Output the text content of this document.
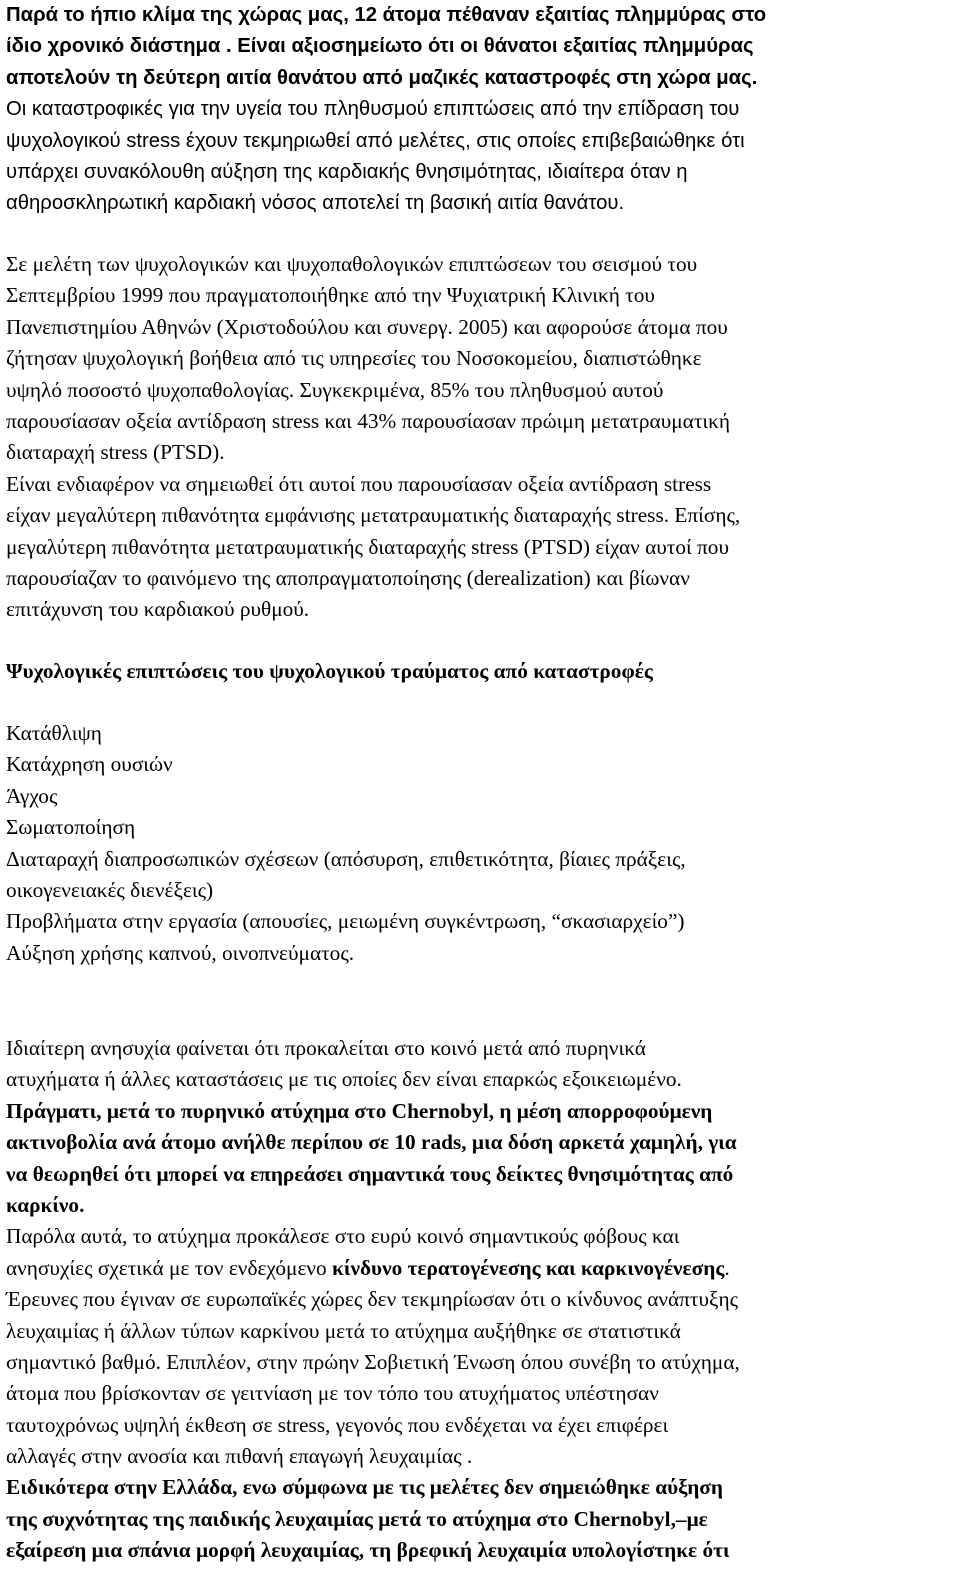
Παρά το ήπιο κλίμα της χώρας μας, 12 άτομα πέθαναν εξαιτίας πλημμύρας στο
ίδιο χρονικό διάστημα . Είναι αξιοσημείωτο ότι οι θάνατοι εξαιτίας πλημμύρας
αποτελούν τη δεύτερη αιτία θανάτου από μαζικές καταστροφές στη χώρα μας.
Οι καταστροφικές για την υγεία του πληθυσμού επιπτώσεις από την επίδραση του
ψυχολογικού stress έχουν τεκμηριωθεί από μελέτες, στις οποίες επιβεβαιώθηκε ότι
υπάρχει συνακόλουθη αύξηση της καρδιακής θνησιμότητας, ιδιαίτερα όταν η
αθηροσκληρωτική καρδιακή νόσος αποτελεί τη βασική αιτία θανάτου.
Σε μελέτη των ψυχολογικών και ψυχοπαθολογικών επιπτώσεων του σεισμού του
Σεπτεμβρίου 1999 που πραγματοποιήθηκε από την Ψυχιατρική Κλινική του
Πανεπιστημίου Αθηνών (Χριστοδούλου και συνεργ. 2005) και αφορούσε άτομα που
ζήτησαν ψυχολογική βοήθεια από τις υπηρεσίες του Νοσοκομείου, διαπιστώθηκε
υψηλό ποσοστό ψυχοπαθολογίας. Συγκεκριμένα, 85% του πληθυσμού αυτού
παρουσίασαν οξεία αντίδραση stress και 43% παρουσίασαν πρώιμη μετατραυματική
διαταραχή stress (PTSD).
Είναι ενδιαφέρον να σημειωθεί ότι αυτοί που παρουσίασαν οξεία αντίδραση stress
είχαν μεγαλύτερη πιθανότητα εμφάνισης μετατραυματικής διαταραχής stress. Επίσης,
μεγαλύτερη πιθανότητα μετατραυματικής διαταραχής stress (PTSD) είχαν αυτοί που
παρουσίαζαν το φαινόμενο της αποπραγματοποίησης (derealization) και βίωναν
επιτάχυνση του καρδιακού ρυθμού.
Ψυχολογικές επιπτώσεις του ψυχολογικού τραύματος από καταστροφές
Κατάθλιψη
Κατάχρηση ουσιών
Άγχος
Σωματοποίηση
Διαταραχή διαπροσωπικών σχέσεων (απόσυρση, επιθετικότητα, βίαιες πράξεις,
οικογενειακές διενέξεις)
Προβλήματα στην εργασία (απουσίες, μειωμένη συγκέντρωση, “σκασιαρχείο”)
Αύξηση χρήσης καπνού, οινοπνεύματος.
Ιδιαίτερη ανησυχία φαίνεται ότι προκαλείται στο κοινό μετά από πυρηνικά
ατυχήματα ή άλλες καταστάσεις με τις οποίες δεν είναι επαρκώς εξοικειωμένο.
Πράγματι, μετά το πυρηνικό ατύχημα στο Chernobyl, η μέση απορροφούμενη
ακτινοβολία ανά άτομο ανήλθε περίπου σε 10 rads, μια δόση αρκετά χαμηλή, για
να θεωρηθεί ότι μπορεί να επηρεάσει σημαντικά τους δείκτες θνησιμότητας από
καρκίνο.
Παρόλα αυτά, το ατύχημα προκάλεσε στο ευρύ κοινό σημαντικούς φόβους και
ανησυχίες σχετικά με τον ενδεχόμενο κίνδυνο τερατογένεσης και καρκινογένεσης.
Έρευνες που έγιναν σε ευρωπαϊκές χώρες δεν τεκμηρίωσαν ότι ο κίνδυνος ανάπτυξης
λευχαιμίας ή άλλων τύπων καρκίνου μετά το ατύχημα αυξήθηκε σε στατιστικά
σημαντικό βαθμό. Επιπλέον, στην πρώην Σοβιετική Ένωση όπου συνέβη το ατύχημα,
άτομα που βρίσκονταν σε γειτνίαση με τον τόπο του ατυχήματος υπέστησαν
ταυτοχρόνως υψηλή έκθεση σε stress, γεγονός που ενδέχεται να έχει επιφέρει
αλλαγές στην ανοσία και πιθανή επαγωγή λευχαιμίας .
Ειδικότερα στην Ελλάδα, ενω σύμφωνα με τις μελέτες δεν σημειώθηκε αύξηση
της συχνότητας της παιδικής λευχαιμίας μετά το ατύχημα στο Chernobyl,–με
εξαίρεση μια σπάνια μορφή λευχαιμίας, τη βρεφική λευχαιμία υπολογίστηκε ότι
